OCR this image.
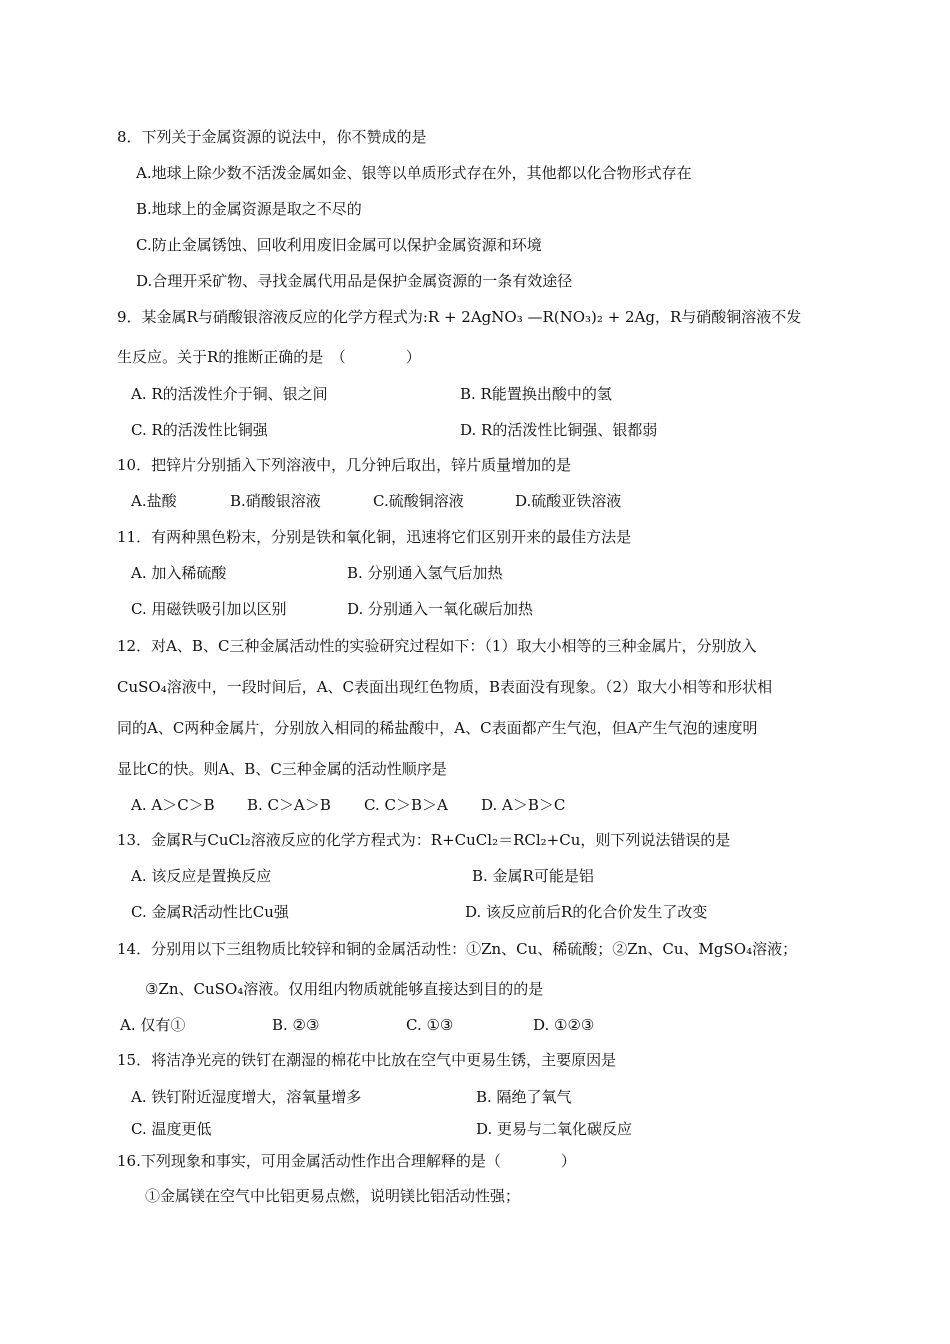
8．下列关于金属资源的说法中，你不赞成的是
A.地球上除少数不活泼金属如金、银等以单质形式存在外，其他都以化合物形式存在
B.地球上的金属资源是取之不尽的
C.防止金属锈蚀、回收利用废旧金属可以保护金属资源和环境
D.合理开采矿物、寻找金属代用品是保护金属资源的一条有效途径
9．某金属R与硝酸银溶液反应的化学方程式为:R + 2AgNO₃ —R(NO₃)₂ + 2Ag，R与硝酸铜溶液不发
生反应。关于R的推断正确的是　（　　　　）
A. R的活泼性介于铜、银之间	B. R能置换出酸中的氢
C. R的活泼性比铜强	D. R的活泼性比铜强、银都弱
10．把锌片分别插入下列溶液中，几分钟后取出，锌片质量增加的是
A.盐酸	B.硝酸银溶液	C.硫酸铜溶液	D.硫酸亚铁溶液
11．有两种黑色粉末，分别是铁和氧化铜，迅速将它们区别开来的最佳方法是
A. 加入稀硫酸	B. 分别通入氢气后加热
C. 用磁铁吸引加以区别	D. 分别通入一氧化碳后加热
12．对A、B、C三种金属活动性的实验研究过程如下：（1）取大小相等的三种金属片，分别放入
CuSO₄溶液中，一段时间后，A、C表面出现红色物质，B表面没有现象。（2）取大小相等和形状相
同的A、C两种金属片，分别放入相同的稀盐酸中，A、C表面都产生气泡，但A产生气泡的速度明
显比C的快。则A、B、C三种金属的活动性顺序是
A. A＞C＞B B. C＞A＞B C. C＞B＞A D. A＞B＞C
13．金属R与CuCl₂溶液反应的化学方程式为：R+CuCl₂＝RCl₂+Cu，则下列说法错误的是
A. 该反应是置换反应	B. 金属R可能是铝
C. 金属R活动性比Cu强	D. 该反应前后R的化合价发生了改变
14．分别用以下三组物质比较锌和铜的金属活动性：①Zn、Cu、稀硫酸；②Zn、Cu、MgSO₄溶液；
③Zn、CuSO₄溶液。仅用组内物质就能够直接达到目的的是
A. 仅有①	B. ②③	C. ①③	D. ①②③
15．将洁净光亮的铁钉在潮湿的棉花中比放在空气中更易生锈，主要原因是
A. 铁钉附近湿度增大，溶氧量增多	B. 隔绝了氧气
C. 温度更低	D. 更易与二氧化碳反应
16.下列现象和事实，可用金属活动性作出合理解释的是（　　　　）
①金属镁在空气中比铝更易点燃，说明镁比铝活动性强；
